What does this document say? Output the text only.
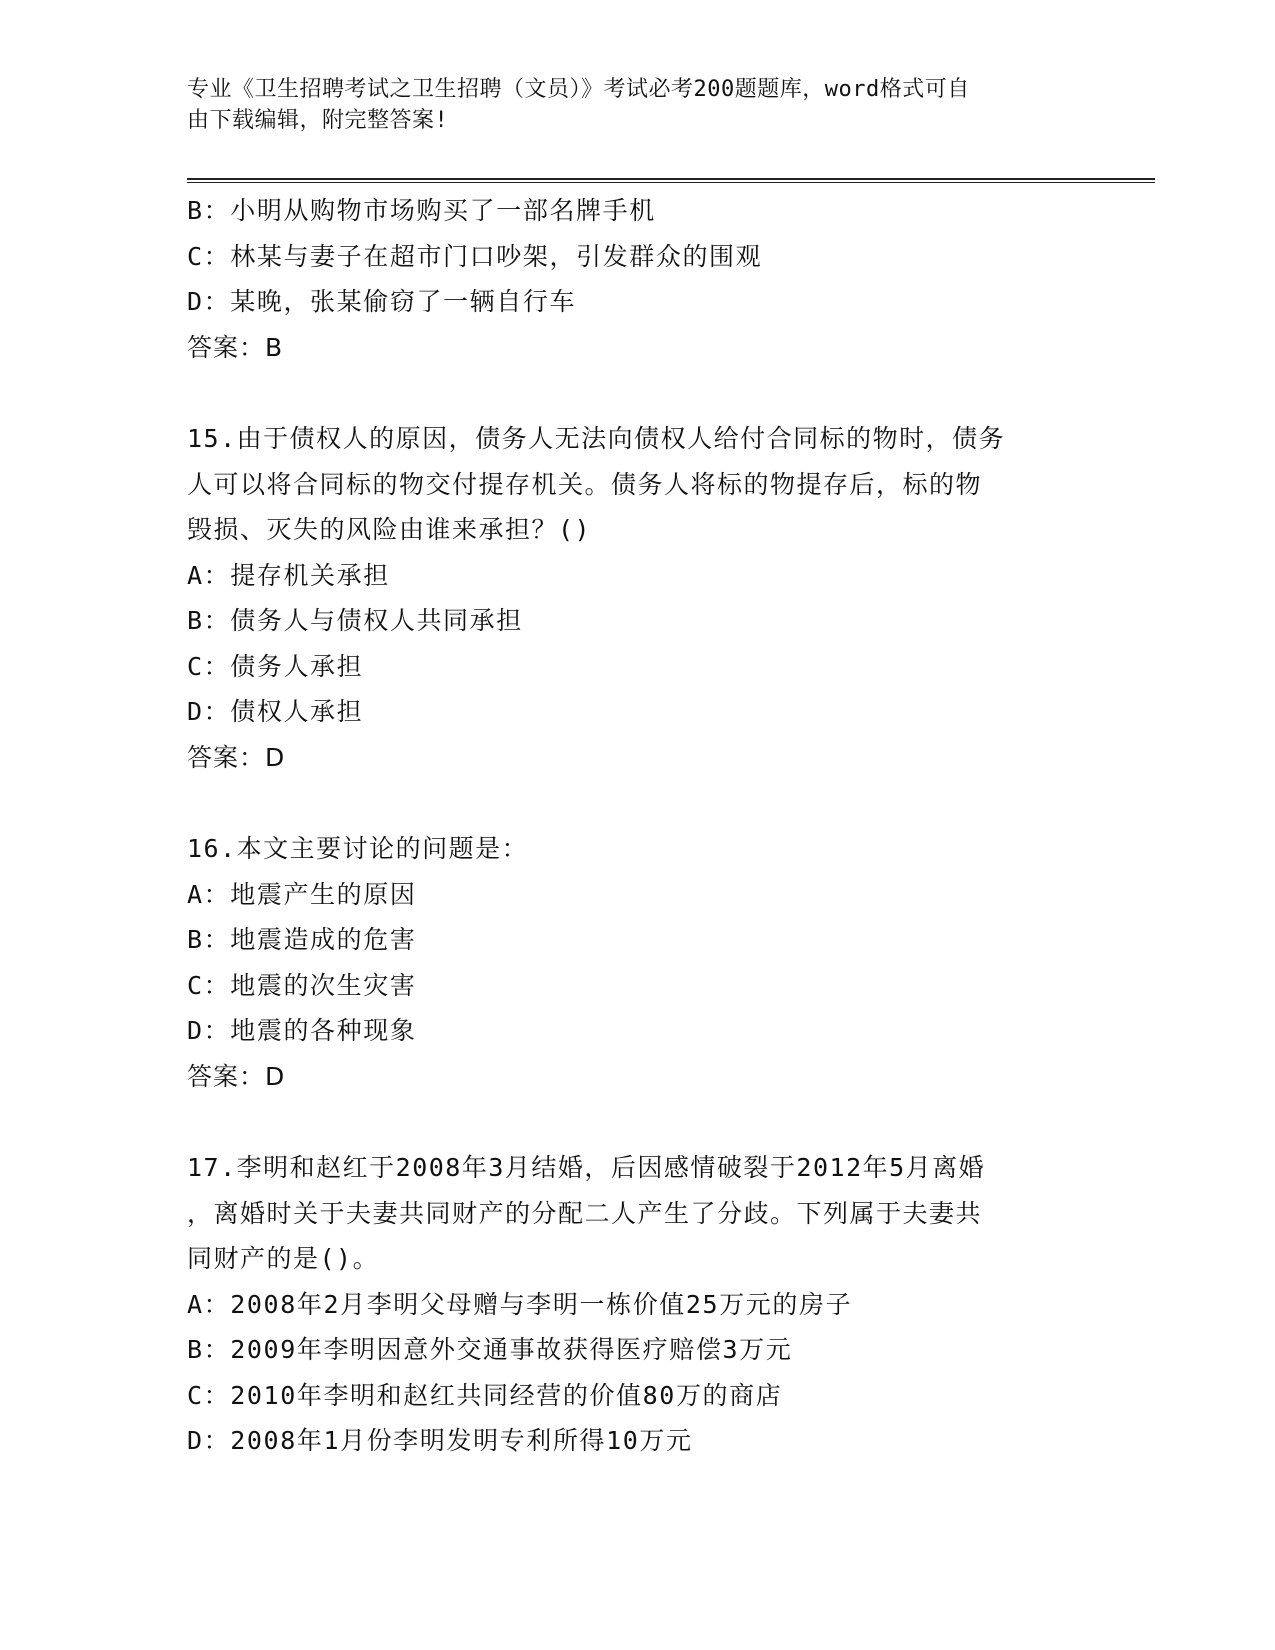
专业《卫生招聘考试之卫生招聘（文员）》考试必考200题题库，word格式可自
由下载编辑，附完整答案!
B：小明从购物市场购买了一部名牌手机
C：林某与妻子在超市门口吵架，引发群众的围观
D：某晚，张某偷窃了一辆自行车
答案：B
15.由于债权人的原因，债务人无法向债权人给付合同标的物时，债务
人可以将合同标的物交付提存机关。债务人将标的物提存后，标的物
毁损、灭失的风险由谁来承担？()
A：提存机关承担
B：债务人与债权人共同承担
C：债务人承担
D：债权人承担
答案：D
16.本文主要讨论的问题是：
A：地震产生的原因
B：地震造成的危害
C：地震的次生灾害
D：地震的各种现象
答案：D
17.李明和赵红于2008年3月结婚，后因感情破裂于2012年5月离婚
，离婚时关于夫妻共同财产的分配二人产生了分歧。下列属于夫妻共
同财产的是()。
A：2008年2月李明父母赠与李明一栋价值25万元的房子
B：2009年李明因意外交通事故获得医疗赔偿3万元
C：2010年李明和赵红共同经营的价值80万的商店
D：2008年1月份李明发明专利所得10万元
